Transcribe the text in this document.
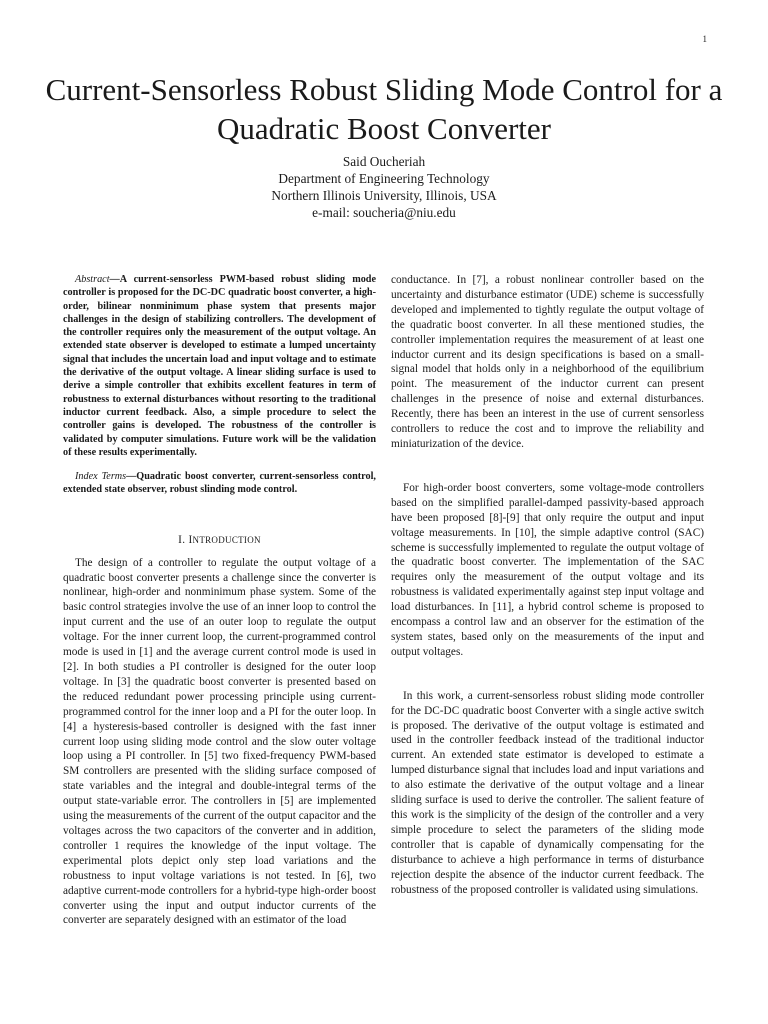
1

Current-Sensorless Robust Sliding Mode Control for a Quadratic Boost Converter

Said Oucheriah

Department of Engineering Technology

Northern Illinois University, Illinois, USA

e-mail: soucheria@niu.edu

Abstract—A current-sensorless PWM-based robust sliding mode controller is proposed for the DC-DC quadratic boost converter, a high-order, bilinear nonminimum phase system that presents major challenges in the design of stabilizing controllers. The development of the controller requires only the measurement of the output voltage. An extended state observer is developed to estimate a lumped uncertainty signal that includes the uncertain load and input voltage and to estimate the derivative of the output voltage. A linear sliding surface is used to derive a simple controller that exhibits excellent features in term of robustness to external disturbances without resorting to the traditional inductor current feedback. Also, a simple procedure to select the controller gains is developed. The robustness of the controller is validated by computer simulations. Future work will be the validation of these results experimentally.

Index Terms—Quadratic boost converter, current-sensorless control, extended state observer, robust slinding mode control.

I. INTRODUCTION

The design of a controller to regulate the output voltage of a quadratic boost converter presents a challenge since the converter is nonlinear, high-order and nonminimum phase system. Some of the basic control strategies involve the use of an inner loop to control the input current and the use of an outer loop to regulate the output voltage. For the inner current loop, the current-programmed control mode is used in [1] and the average current control mode is used in [2]. In both studies a PI controller is designed for the outer loop voltage. In [3] the quadratic boost converter is presented based on the reduced redundant power processing principle using current-programmed control for the inner loop and a PI for the outer loop. In [4] a hysteresis-based controller is designed with the fast inner current loop using sliding mode control and the slow outer voltage loop using a PI controller. In [5] two fixed-frequency PWM-based SM controllers are presented with the sliding surface composed of state variables and the integral and double-integral terms of the output state-variable error. The controllers in [5] are implemented using the measurements of the current of the output capacitor and the voltages across the two capacitors of the converter and in addition, controller 1 requires the knowledge of the input voltage. The experimental plots depict only step load variations and the robustness to input voltage variations is not tested. In [6], two adaptive current-mode controllers for a hybrid-type high-order boost converter using the input and output inductor currents of the converter are separately designed with an estimator of the load

conductance. In [7], a robust nonlinear controller based on the uncertainty and disturbance estimator (UDE) scheme is successfully developed and implemented to tightly regulate the output voltage of the quadratic boost converter. In all these mentioned studies, the controller implementation requires the measurement of at least one inductor current and its design specifications is based on a small-signal model that holds only in a neighborhood of the equilibrium point. The measurement of the inductor current can present challenges in the presence of noise and external disturbances. Recently, there has been an interest in the use of current sensorless controllers to reduce the cost and to improve the reliability and miniaturization of the device.

For high-order boost converters, some voltage-mode controllers based on the simplified parallel-damped passivity-based approach have been proposed [8]-[9] that only require the output and input voltage measurements. In [10], the simple adaptive control (SAC) scheme is successfully implemented to regulate the output voltage of the quadratic boost converter. The implementation of the SAC requires only the measurement of the output voltage and its robustness is validated experimentally against step input voltage and load disturbances. In [11], a hybrid control scheme is proposed to encompass a control law and an observer for the estimation of the system states, based only on the measurements of the input and output voltages.

In this work, a current-sensorless robust sliding mode controller for the DC-DC quadratic boost Converter with a single active switch is proposed. The derivative of the output voltage is estimated and used in the controller feedback instead of the traditional inductor current. An extended state estimator is developed to estimate a lumped disturbance signal that includes load and input variations and to also estimate the derivative of the output voltage and a linear sliding surface is used to derive the controller. The salient feature of this work is the simplicity of the design of the controller and a very simple procedure to select the parameters of the sliding mode controller that is capable of dynamically compensating for the disturbance to achieve a high performance in terms of disturbance rejection despite the absence of the inductor current feedback. The robustness of the proposed controller is validated using simulations.
